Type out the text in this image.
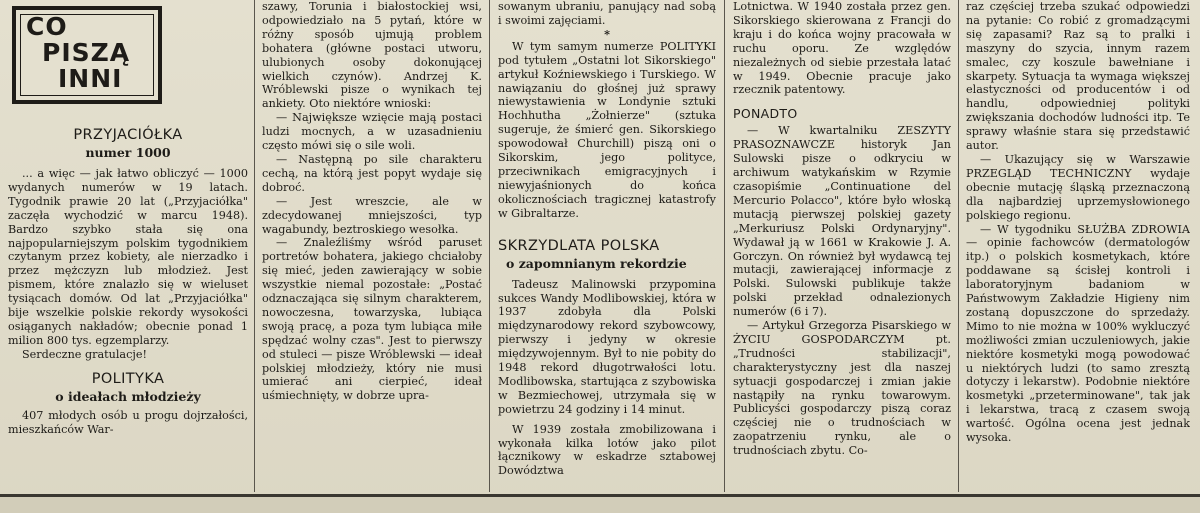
CO
PISZĄ
INNI
PRZYJACIÓŁKA
numer 1000

... a więc — jak łatwo obliczyć — 1000 wydanych numerów w 19 latach. Tygodnik prawie 20 lat („Przyjaciółka" zaczęła wychodzić w marcu 1948). Bardzo szybko stała się ona najpopularniejszym polskim tygodnikiem czytanym przez kobiety, ale nierzadko i przez mężczyzn lub młodzież. Jest pismem, które znalazło się w wieluset tysiącach domów. Od lat „Przyjaciółka" bije wszelkie polskie rekordy wysokości osiąganych nakładów; obecnie ponad 1 milion 800 tys. egzemplarzy.

Serdeczne gratulacje!

POLITYKA
o ideałach młodzieży

407 młodych osób u progu dojrzałości, mieszkańców War-

szawy, Torunia i białostockiej wsi, odpowiedziało na 5 pytań, które w różny sposób ujmują problem bohatera (główne postaci utworu, ulubionych osoby dokonującej wielkich czynów). Andrzej K. Wróblewski pisze o wynikach tej ankiety. Oto niektóre wnioski:

— Największe wzięcie mają postaci ludzi mocnych, a w uzasadnieniu często mówi się o sile woli.

— Następną po sile charakteru cechą, na którą jest popyt wydaje się dobroć.

— Jest wreszcie, ale w zdecydowanej mniejszości, typ wagabundy, beztroskiego wesołka.

— Znaleźliśmy wśród paruset portretów bohatera, jakiego chciałoby się mieć, jeden zawierający w sobie wszystkie niemal pozostałe: „Postać odznaczająca się silnym charakterem, nowoczesna, towarzyska, lubiąca swoją pracę, a poza tym lubiąca miłe spędzać wolny czas". Jest to pierwszy od stuleci — pisze Wróblewski — ideał polskiej młodzieży, który nie musi umierać ani cierpieć, ideał uśmiechnięty, w dobrze upra-

sowanym ubraniu, panujący nad sobą i swoimi zajęciami.

*

W tym samym numerze POLITYKI pod tytułem „Ostatni lot Sikorskiego" artykuł Koźniewskiego i Turskiego. W nawiązaniu do głośnej już sprawy niewystawienia w Londynie sztuki Hochhutha „Żołnierze" (sztuka sugeruje, że śmierć gen. Sikorskiego spowodował Churchill) piszą oni o Sikorskim, jego polityce, przeciwnikach emigracyjnych i niewyjaśnionych do końca okolicznościach tragicznej katastrofy w Gibraltarze.

SKRZYDLATA POLSKA
o zapomnianym rekordzie

Tadeusz Malinowski przypomina sukces Wandy Modlibowskiej, która w 1937 zdobyła dla Polski międzynarodowy rekord szybowcowy, pierwszy i jedyny w okresie międzywojennym. Był to nie pobity do 1948 rekord długotrwałości lotu. Modlibowska, startująca z szybowiska w Bezmiechowej, utrzymała się w powietrzu 24 godziny i 14 minut.

W 1939 została zmobilizowana i wykonała kilka lotów jako pilot łącznikowy w eskadrze sztabowej Dowództwa

Lotnictwa. W 1940 została przez gen. Sikorskiego skierowana z Francji do kraju i do końca wojny pracowała w ruchu oporu. Ze względów niezależnych od siebie przestała latać w 1949. Obecnie pracuje jako rzecznik patentowy.

PONADTO

— W kwartalniku ZESZYTY PRASOZNAWCZE historyk Jan Sulowski pisze o odkryciu w archiwum watykańskim w Rzymie czasopiśmie „Continuatione del Mercurio Polacco", które było włoską mutacją pierwszej polskiej gazety „Merkuriusz Polski Ordynaryjny". Wydawał ją w 1661 w Krakowie J. A. Gorczyn. On również był wydawcą tej mutacji, zawierającej informacje z Polski. Sulowski publikuje także polski przekład odnalezionych numerów (6 i 7).

— Artykuł Grzegorza Pisarskiego w ŻYCIU GOSPODARCZYM pt. „Trudności stabilizacji", charakterystyczny jest dla naszej sytuacji gospodarczej i zmian jakie nastąpiły na rynku towarowym. Publicyści gospodarczy piszą coraz częściej nie o trudnościach w zaopatrzeniu rynku, ale o trudnościach zbytu. Co-

raz częściej trzeba szukać odpowiedzi na pytanie: Co robić z gromadzącymi się zapasami? Raz są to pralki i maszyny do szycia, innym razem smalec, czy koszule bawełniane i skarpety. Sytuacja ta wymaga większej elastyczności od producentów i od handlu, odpowiedniej polityki zwiększania dochodów ludności itp. Te sprawy właśnie stara się przedstawić autor.

— Ukazujący się w Warszawie PRZEGLĄD TECHNICZNY wydaje obecnie mutację śląską przeznaczoną dla najbardziej uprzemysłowionego polskiego regionu.

— W tygodniku SŁUŻBA ZDROWIA — opinie fachowców (dermatologów itp.) o polskich kosmetykach, które poddawane są ścisłej kontroli i laboratoryjnym badaniom w Państwowym Zakładzie Higieny nim zostaną dopuszczone do sprzedaży. Mimo to nie można w 100% wykluczyć możliwości zmian uczuleniowych, jakie niektóre kosmetyki mogą powodować u niektórych ludzi (to samo zresztą dotyczy i lekarstw). Podobnie niektóre kosmetyki „przeterminowane", tak jak i lekarstwa, tracą z czasem swoją wartość. Ogólna ocena jest jednak wysoka.
